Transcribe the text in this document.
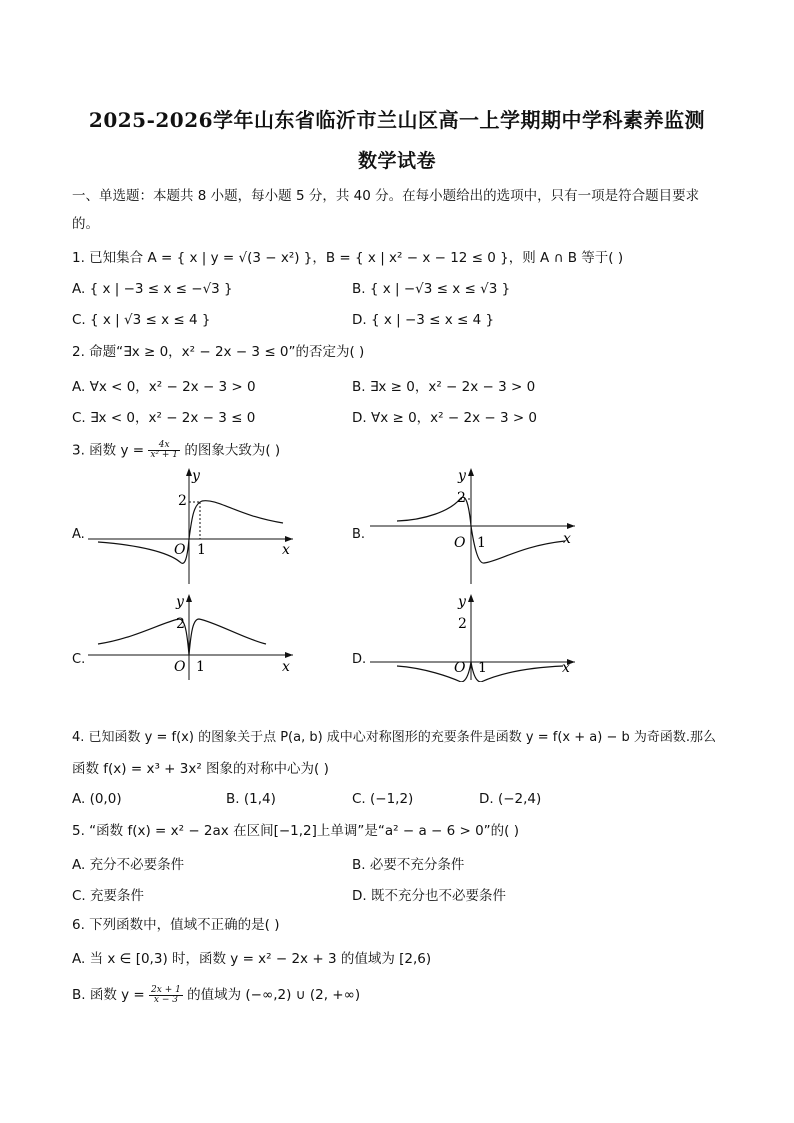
2025-2026学年山东省临沂市兰山区高一上学期期中学科素养监测
数学试卷
一、单选题：本题共 8 小题，每小题 5 分，共 40 分。在每小题给出的选项中，只有一项是符合题目要求
的。
1. 已知集合 A = { x | y = √(3 − x²) }，B = { x | x² − x − 12 ≤ 0 }，则 A ∩ B 等于( )
A. { x | −3 ≤ x ≤ −√3 }	B. { x | −√3 ≤ x ≤ √3 }
C. { x | √3 ≤ x ≤ 4 }	D. { x | −3 ≤ x ≤ 4 }
2. 命题“∃x ≥ 0，x² − 2x − 3 ≤ 0”的否定为( )
A. ∀x < 0，x² − 2x − 3 > 0	B. ∃x ≥ 0，x² − 2x − 3 > 0
C. ∃x < 0，x² − 2x − 3 ≤ 0	D. ∀x ≥ 0，x² − 2x − 3 > 0
3. 函数 $y = \frac{4x}{\text{x² + 1}}$ 的图象大致为( )
A.	B.
C.	D.
y
2
O 1	x
y
2
O 1	x
y
2
O 1	x
y
2
O 1	x
4. 已知函数 y = f(x) 的图象关于点 P(a, b) 成中心对称图形的充要条件是函数 y = f(x + a) − b 为奇函数.那么
函数 f(x) = x³ + 3x² 图象的对称中心为( )
A. (0,0)	B. (1,4)	C. (−1,2)	D. (−2,4)
5. “函数 f(x) = x² − 2ax 在区间[−1,2]上单调”是“a² − a − 6 > 0”的( )
A. 充分不必要条件	B. 必要不充分条件
C. 充要条件	D. 既不充分也不必要条件
6. 下列函数中，值域不正确的是( )
A. 当 x ∈ [0,3) 时，函数 y = x² − 2x + 3 的值域为 [2,6)
B. 函数 $y = \frac{2x + 1}{x - 3}$ 的值域为 (−∞,2) ∪ (2, +∞)
